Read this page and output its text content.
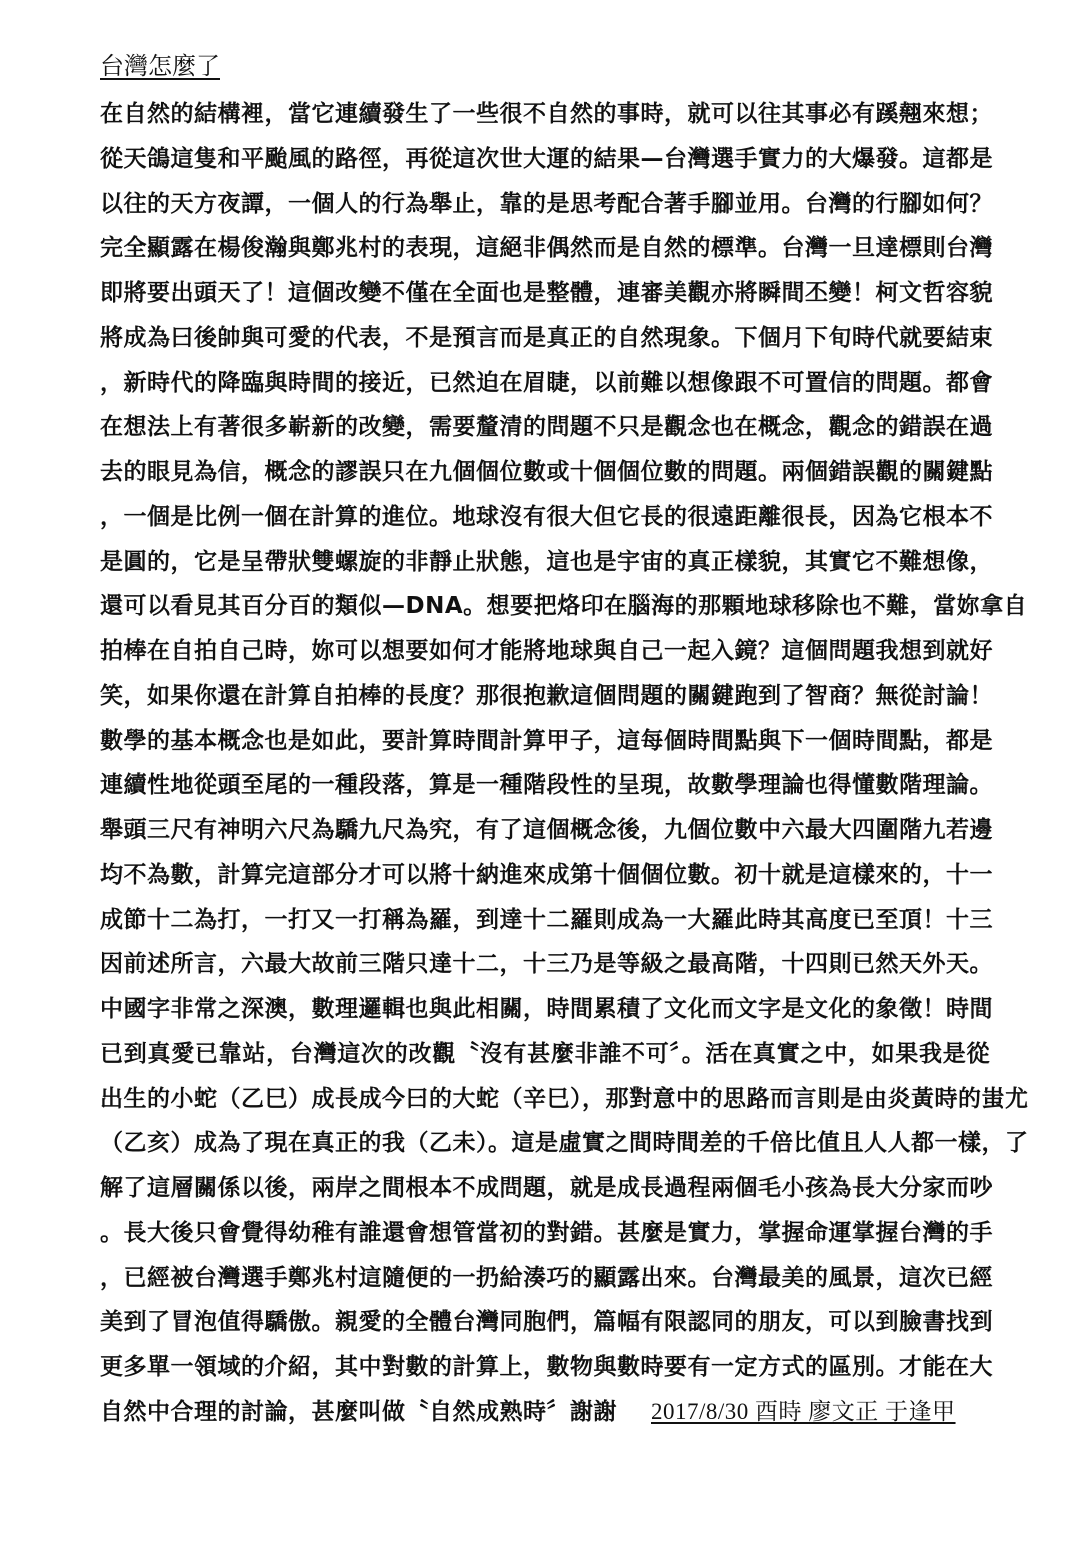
台灣怎麼了
在自然的結構裡，當它連續發生了一些很不自然的事時，就可以往其事必有蹊翹來想；
從天鴿這隻和平颱風的路徑，再從這次世大運的結果—台灣選手實力的大爆發。這都是
以往的天方夜譚，一個人的行為舉止，靠的是思考配合著手腳並用。台灣的行腳如何？
完全顯露在楊俊瀚與鄭兆村的表現，這絕非偶然而是自然的標準。台灣一旦達標則台灣
即將要出頭天了！這個改變不僅在全面也是整體，連審美觀亦將瞬間丕變！柯文哲容貌
將成為曰後帥與可愛的代表，不是預言而是真正的自然現象。下個月下旬時代就要結束
，新時代的降臨與時間的接近，已然迫在眉睫，以前難以想像跟不可置信的問題。都會
在想法上有著很多嶄新的改變，需要釐清的問題不只是觀念也在概念，觀念的錯誤在過
去的眼見為信，概念的謬誤只在九個個位數或十個個位數的問題。兩個錯誤觀的關鍵點
，一個是比例一個在計算的進位。地球沒有很大但它長的很遠距離很長，因為它根本不
是圓的，它是呈帶狀雙螺旋的非靜止狀態，這也是宇宙的真正樣貌，其實它不難想像，
還可以看見其百分百的類似—DNA。想要把烙印在腦海的那顆地球移除也不難，當妳拿自
拍棒在自拍自己時，妳可以想要如何才能將地球與自己一起入鏡？這個問題我想到就好
笑，如果你還在計算自拍棒的長度？那很抱歉這個問題的關鍵跑到了智商？無從討論！
數學的基本概念也是如此，要計算時間計算甲子，這每個時間點與下一個時間點，都是
連續性地從頭至尾的一種段落，算是一種階段性的呈現，故數學理論也得懂數階理論。
舉頭三尺有神明六尺為驕九尺為究，有了這個概念後，九個位數中六最大四圍階九若邊
均不為數，計算完這部分才可以將十納進來成第十個個位數。初十就是這樣來的，十一
成節十二為打，一打又一打稱為羅，到達十二羅則成為一大羅此時其高度已至頂！十三
因前述所言，六最大故前三階只達十二，十三乃是等級之最高階，十四則已然天外天。
中國字非常之深澳，數理邏輯也與此相關，時間累積了文化而文字是文化的象徵！時間
已到真愛已靠站，台灣這次的改觀〝沒有甚麼非誰不可〞。活在真實之中，如果我是從
出生的小蛇（乙巳）成長成今曰的大蛇（辛巳），那對意中的思路而言則是由炎黃時的蚩尤
（乙亥）成為了現在真正的我（乙未）。這是虛實之間時間差的千倍比值且人人都一樣，了
解了這層關係以後，兩岸之間根本不成問題，就是成長過程兩個毛小孩為長大分家而吵
。長大後只會覺得幼稚有誰還會想管當初的對錯。甚麼是實力，掌握命運掌握台灣的手
，已經被台灣選手鄭兆村這隨便的一扔給湊巧的顯露出來。台灣最美的風景，這次已經
美到了冒泡值得驕傲。親愛的全體台灣同胞們，篇幅有限認同的朋友，可以到臉書找到
更多單一領域的介紹，其中對數的計算上，數物與數時要有一定方式的區別。才能在大
自然中合理的討論，甚麼叫做〝自然成熟時〞謝謝 2017/8/30 酉時 廖文正 于逢甲
